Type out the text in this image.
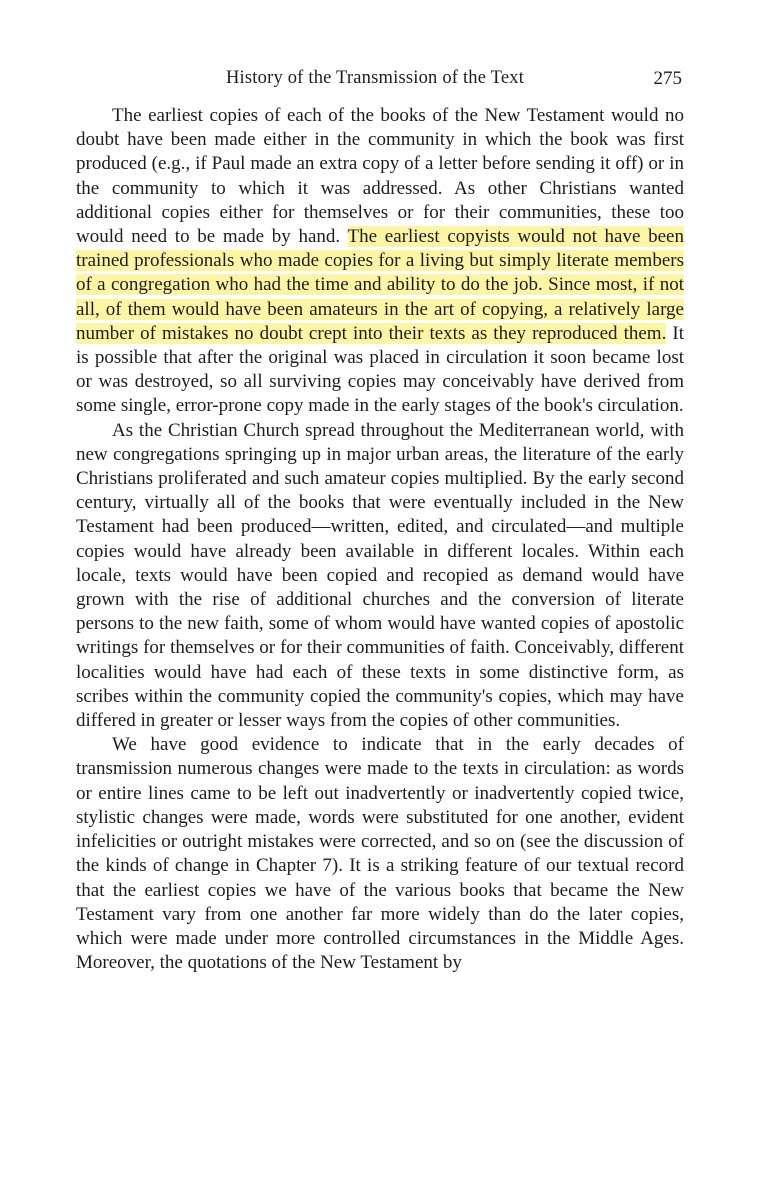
History of the Transmission of the Text	275

The earliest copies of each of the books of the New Testament would no doubt have been made either in the community in which the book was first produced (e.g., if Paul made an extra copy of a letter before sending it off) or in the community to which it was addressed. As other Christians wanted additional copies either for themselves or for their communities, these too would need to be made by hand. The earliest copyists would not have been trained professionals who made copies for a living but simply literate members of a congregation who had the time and ability to do the job. Since most, if not all, of them would have been amateurs in the art of copying, a relatively large number of mistakes no doubt crept into their texts as they reproduced them. It is possible that after the original was placed in circulation it soon became lost or was destroyed, so all surviving copies may conceivably have derived from some single, error-prone copy made in the early stages of the book's circulation.

As the Christian Church spread throughout the Mediterranean world, with new congregations springing up in major urban areas, the literature of the early Christians proliferated and such amateur copies multiplied. By the early second century, virtually all of the books that were eventually included in the New Testament had been produced—written, edited, and circulated—and multiple copies would have already been available in different locales. Within each locale, texts would have been copied and recopied as demand would have grown with the rise of additional churches and the conversion of literate persons to the new faith, some of whom would have wanted copies of apostolic writings for themselves or for their communities of faith. Conceivably, different localities would have had each of these texts in some distinctive form, as scribes within the community copied the community's copies, which may have differed in greater or lesser ways from the copies of other communities.

We have good evidence to indicate that in the early decades of transmission numerous changes were made to the texts in circulation: as words or entire lines came to be left out inadvertently or inadvertently copied twice, stylistic changes were made, words were substituted for one another, evident infelicities or outright mistakes were corrected, and so on (see the discussion of the kinds of change in Chapter 7). It is a striking feature of our textual record that the earliest copies we have of the various books that became the New Testament vary from one another far more widely than do the later copies, which were made under more controlled circumstances in the Middle Ages. Moreover, the quotations of the New Testament by
